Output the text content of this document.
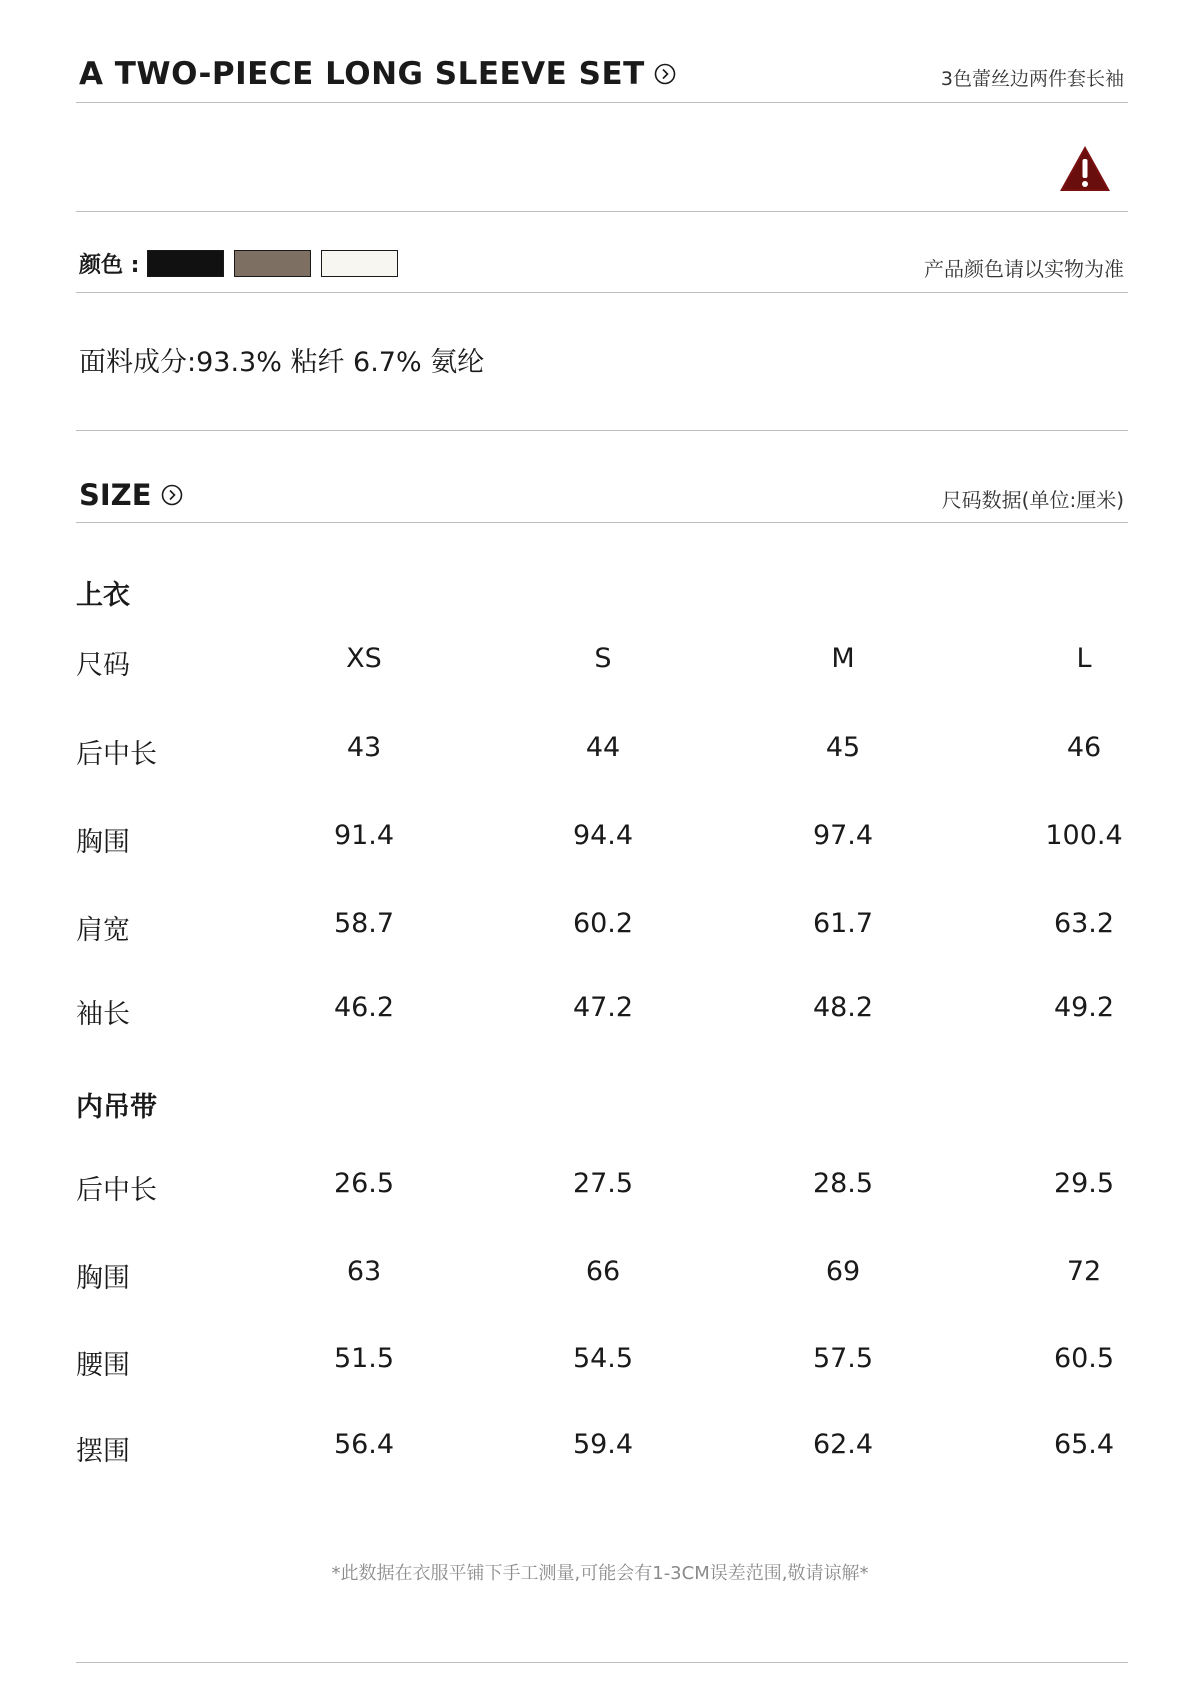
A TWO-PIECE LONG SLEEVE SET	3色蕾丝边两件套长袖
颜色 :	产品颜色请以实物为准
面料成分:93.3% 粘纤 6.7% 氨纶
SIZE	尺码数据(单位:厘米)
上衣
尺码	XS	S	M	L
后中长	43	44	45	46
胸围	91.4	94.4	97.4	100.4
肩宽	58.7	60.2	61.7	63.2
袖长	46.2	47.2	48.2	49.2
内吊带
后中长	26.5	27.5	28.5	29.5
胸围	63	66	69	72
腰围	51.5	54.5	57.5	60.5
摆围	56.4	59.4	62.4	65.4
*此数据在衣服平铺下手工测量,可能会有1-3CM误差范围,敬请谅解*
